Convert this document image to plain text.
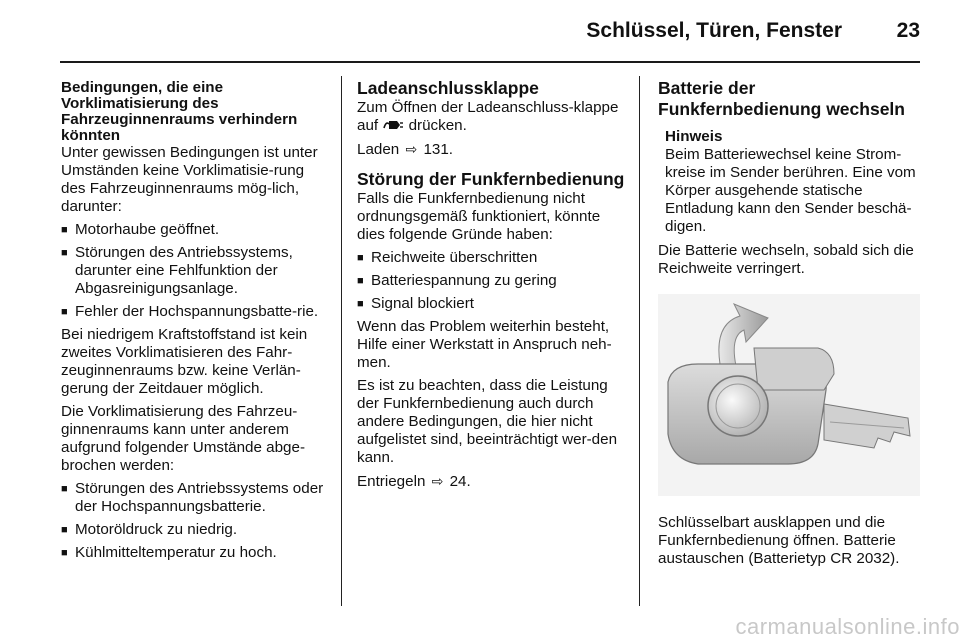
Schlüssel, Türen, Fenster	23
Bedingungen, die eine Vorklimatisierung des Fahrzeuginnenraums verhindern könnten

Unter gewissen Bedingungen ist unter Umständen keine Vorklimatisie-rung des Fahrzeuginnenraums mög-lich, darunter:

■ Motorhaube geöffnet.
■ Störungen des Antriebssystems, darunter eine Fehlfunktion der Abgasreinigungsanlage.
■ Fehler der Hochspannungsbatte-rie.

Bei niedrigem Kraftstoffstand ist kein zweites Vorklimatisieren des Fahr-zeuginnenraums bzw. keine Verlän-gerung der Zeitdauer möglich.

Die Vorklimatisierung des Fahrzeu-ginnenraums kann unter anderem aufgrund folgender Umstände abge-brochen werden:

■ Störungen des Antriebssystems oder der Hochspannungsbatterie.
■ Motoröldruck zu niedrig.
■ Kühlmitteltemperatur zu hoch.
Ladeanschlussklappe

Zum Öffnen der Ladeanschluss-klappe auf drücken.

Laden ⇨ 131.

Störung der Funkfernbedienung

Falls die Funkfernbedienung nicht ordnungsgemäß funktioniert, könnte dies folgende Gründe haben:

■ Reichweite überschritten
■ Batteriespannung zu gering
■ Signal blockiert

Wenn das Problem weiterhin besteht, Hilfe einer Werkstatt in Anspruch neh-men.

Es ist zu beachten, dass die Leistung der Funkfernbedienung auch durch andere Bedingungen, die hier nicht aufgelistet sind, beeinträchtigt wer-den kann.

Entriegeln ⇨ 24.

Batterie der Funkfernbedienung wechseln
Hinweis
Beim Batteriewechsel keine Strom-kreise im Sender berühren. Eine vom Körper ausgehende statische Entladung kann den Sender beschä-digen.

Die Batterie wechseln, sobald sich die Reichweite verringert.

Schlüsselbart ausklappen und die Funkfernbedienung öffnen. Batterie austauschen (Batterietyp CR 2032).

carmanualsonline.info
